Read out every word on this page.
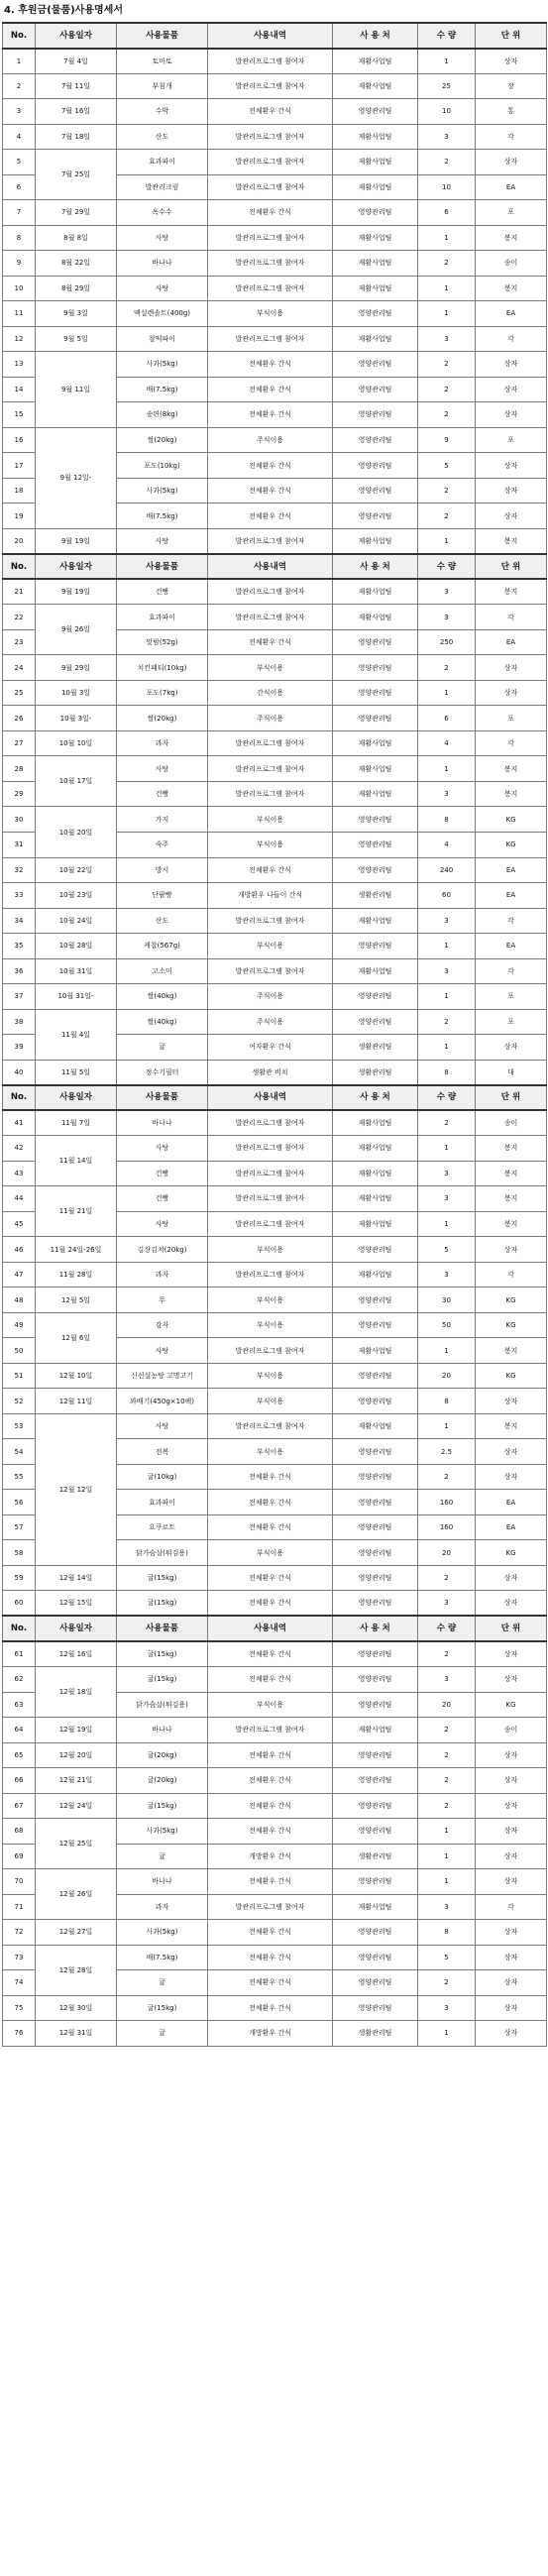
4. 후원금(물품)사용명세서
No.	사용일자	사용물품	사용내역	사 용 처	수 량	단 위
1	7월 4일	토마토	발관리프로그램 참여자	재활사업팀	1	상자
2	7월 11일	부침개	발관리프로그램 참여자	재활사업팀	25	장
3	7월 16일	수박	전체환우 간식	영양관리팀	10	통
4	7월 18일	산도	발관리프로그램 참여자	재활사업팀	3	각
5	7월 25일	효과파이	발관리프로그램 참여자	재활사업팀	2	상자
6		발관리크림	발관리프로그램 참여자	재활사업팀	10	EA
7	7월 29일	옥수수	전체환우 간식	영양관리팀	6	포
8	8월 8일	사탕	발관리프로그램 참여자	재활사업팀	1	봉지
9	8월 22일	바나나	발관리프로그램 참여자	재활사업팀	2	송이
10	8월 29일	사탕	발관리프로그램 참여자	재활사업팀	1	봉지
11	9월 3일	맥설렌솔트(400g)	부식이용	영양관리팀	1	EA
12	9월 5일	찰떡파이	발관리프로그램 참여자	재활사업팀	3	각
13	9월 11일	사과(5kg)	전체환우 간식	영양관리팀	2	상자
14		배(7.5kg)	전체환우 간식	영양관리팀	2	상자
15		송편(8kg)	전체환우 간식	영양관리팀	2	상자
16	9월 12일-	쌀(20kg)	주식이용	영양관리팀	9	포
17		포도(10kg)	전체환우 간식	영양관리팀	5	상자
18		사과(5kg)	전체환우 간식	영양관리팀	2	상자
19		배(7.5kg)	전체환우 간식	영양관리팀	2	상자
20	9월 19일	사탕	발관리프로그램 참여자	재활사업팀	1	봉지
No.	사용일자	사용물품	사용내역	사 용 처	수 량	단 위
21	9월 19일	건빵	발관리프로그램 참여자	재활사업팀	3	봉지
22	9월 26일	효과파이	발관리프로그램 참여자	재활사업팀	3	각
23		맛밤(52g)	전체환우 간식	영양관리팀	250	EA
24	9월 29일	치킨패티(10kg)	부식이용	영양관리팀	2	상자
25	10월 3일	포도(7kg)	간식이용	영양관리팀	1	상자
26	10월 3일-	쌀(20kg)	주식이용	영양관리팀	6	포
27	10월 10일	과자	발관리프로그램 참여자	재활사업팀	4	각
28	10월 17일	사탕	발관리프로그램 참여자	재활사업팀	1	봉지
29		건빵	발관리프로그램 참여자	재활사업팀	3	봉지
30	10월 20일	가지	부식이용	영양관리팀	8	KG
31		숙주	부식이용	영양관리팀	4	KG
32	10월 22일	방시	전체환우 간식	영양관리팀	240	EA
33	10월 23일	단팥빵	개방환우 나들이 간식	생활관리팀	60	EA
34	10월 24일	산도	발관리프로그램 참여자	재활사업팀	3	각
35	10월 28일	케찹(567g)	부식이용	영양관리팀	1	EA
36	10월 31일	고소미	발관리프로그램 참여자	재활사업팀	3	각
37	10월 31일-	쌀(40kg)	주식이용	영양관리팀	1	포
38	11월 4일	쌀(40kg)	주식이용	영양관리팀	2	포
39		귤	여자환우 간식	생활관리팀	1	상자
40	11월 5일	정수기필터	생활관 비치	생활관리팀	8	대
No.	사용일자	사용물품	사용내역	사 용 처	수 량	단 위
41	11월 7일	바나나	발관리프로그램 참여자	재활사업팀	2	송이
42	11월 14일	사탕	발관리프로그램 참여자	재활사업팀	1	봉지
43		건빵	발관리프로그램 참여자	재활사업팀	3	봉지
44	11월 21일	건빵	발관리프로그램 참여자	재활사업팀	3	봉지
45		사탕	발관리프로그램 참여자	재활사업팀	1	봉지
46	11월 24일-26일	김장김치(20kg)	부식이용	영양관리팀	5	상자
47	11월 28일	과자	발관리프로그램 참여자	재활사업팀	3	각
48	12월 5일	무	부식이용	영양관리팀	30	KG
49	12월 6일	감자	부식이용	영양관리팀	50	KG
50		사탕	발관리프로그램 참여자	재활사업팀	1	봉지
51	12월 10일	신선설농탕 고명고기	부식이용	영양관리팀	20	KG
52	12월 11일	꽈배기(450g×10팩)	부식이용	영양관리팀	8	상자
53	12월 12일	사탕	발관리프로그램 참여자	재활사업팀	1	봉지
54		전복	부식이용	영양관리팀	2.5	상자
55		귤(10kg)	전체환우 간식	영양관리팀	2	상자
56		효과파이	전체환우 간식	영양관리팀	160	EA
57		요쿠르트	전체환우 간식	영양관리팀	160	EA
58		닭가슴살(튀김용)	부식이용	영양관리팀	20	KG
59	12월 14일	귤(15kg)	전체환우 간식	영양관리팀	2	상자
60	12월 15일	귤(15kg)	전체환우 간식	영양관리팀	3	상자
No.	사용일자	사용물품	사용내역	사 용 처	수 량	단 위
61	12월 16일	귤(15kg)	전체환우 간식	영양관리팀	2	상자
62	12월 18일	귤(15kg)	전체환우 간식	영양관리팀	3	상자
63		닭가슴살(튀김용)	부식이용	영양관리팀	20	KG
64	12월 19일	바나나	발관리프로그램 참여자	재활사업팀	2	송이
65	12월 20일	귤(20kg)	전체환우 간식	영양관리팀	2	상자
66	12월 21일	귤(20kg)	전체환우 간식	영양관리팀	2	상자
67	12월 24일	귤(15kg)	전체환우 간식	영양관리팀	2	상자
68	12월 25일	사과(5kg)	전체환우 간식	영양관리팀	1	상자
69		귤	개방환우 간식	생활관리팀	1	상자
70	12월 26일	바나나	전체환우 간식	영양관리팀	1	상자
71		과자	발관리프로그램 참여자	재활사업팀	3	각
72	12월 27일	사과(5kg)	전체환우 간식	영양관리팀	8	상자
73	12월 28일	배(7.5kg)	전체환우 간식	영양관리팀	5	상자
74		귤	전체환우 간식	영양관리팀	2	상자
75	12월 30일	귤(15kg)	전체환우 간식	영양관리팀	3	상자
76	12월 31일	귤	개방환우 간식	생활관리팀	1	상자
